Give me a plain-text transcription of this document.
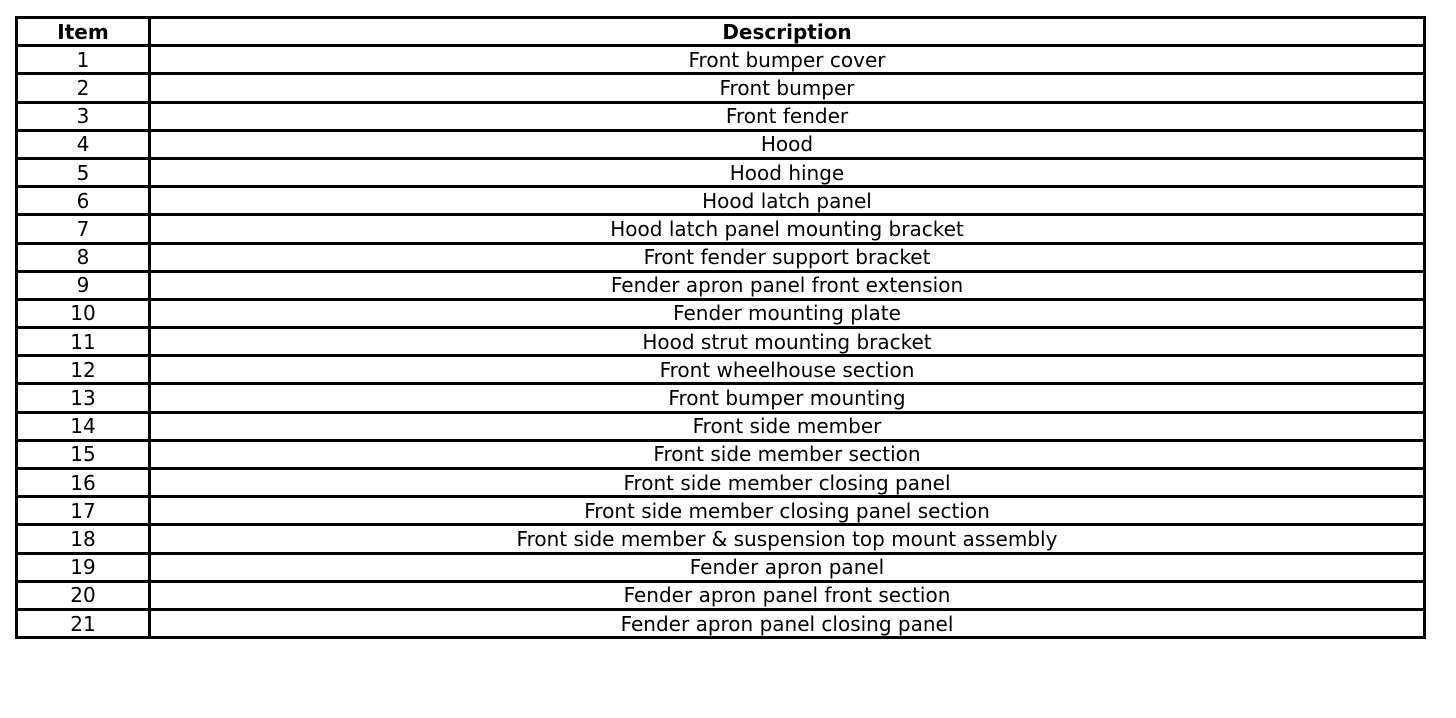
Item	Description
1	Front bumper cover
2	Front bumper
3	Front fender
4	Hood
5	Hood hinge
6	Hood latch panel
7	Hood latch panel mounting bracket
8	Front fender support bracket
9	Fender apron panel front extension
10	Fender mounting plate
11	Hood strut mounting bracket
12	Front wheelhouse section
13	Front bumper mounting
14	Front side member
15	Front side member section
16	Front side member closing panel
17	Front side member closing panel section
18	Front side member & suspension top mount assembly
19	Fender apron panel
20	Fender apron panel front section
21	Fender apron panel closing panel
